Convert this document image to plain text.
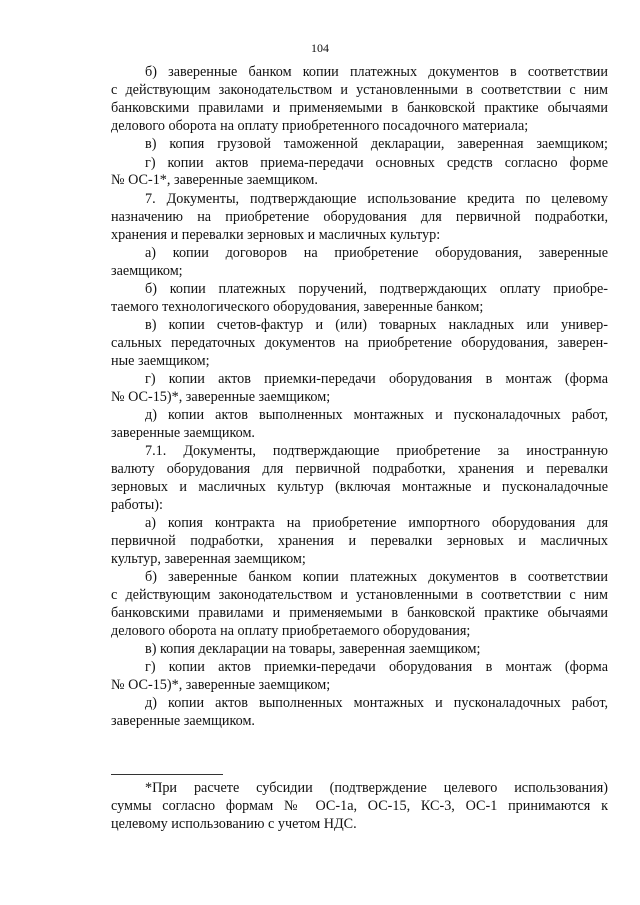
104
б) заверенные банком копии платежных документов в соответствии
с действующим законодательством и установленными в соответствии с ним
банковскими правилами и применяемыми в банковской практике обычаями
делового оборота на оплату приобретенного посадочного материала;
в) копия грузовой таможенной декларации, заверенная заемщиком;
г) копии актов приема-передачи основных средств согласно форме
№ ОС-1*, заверенные заемщиком.
7. Документы, подтверждающие использование кредита по целевому
назначению на приобретение оборудования для первичной подработки,
хранения и перевалки зерновых и масличных культур:
а) копии договоров на приобретение оборудования, заверенные
заемщиком;
б) копии платежных поручений, подтверждающих оплату приобре-
таемого технологического оборудования, заверенные банком;
в) копии счетов-фактур и (или) товарных накладных или универ-
сальных передаточных документов на приобретение оборудования, заверен-
ные заемщиком;
г) копии актов приемки-передачи оборудования в монтаж (форма
№ ОС-15)*, заверенные заемщиком;
д) копии актов выполненных монтажных и пусконаладочных работ,
заверенные заемщиком.
7.1. Документы, подтверждающие приобретение за иностранную
валюту оборудования для первичной подработки, хранения и перевалки
зерновых и масличных культур (включая монтажные и пусконаладочные
работы):
а) копия контракта на приобретение импортного оборудования для
первичной подработки, хранения и перевалки зерновых и масличных
культур, заверенная заемщиком;
б) заверенные банком копии платежных документов в соответствии
с действующим законодательством и установленными в соответствии с ним
банковскими правилами и применяемыми в банковской практике обычаями
делового оборота на оплату приобретаемого оборудования;
в) копия декларации на товары, заверенная заемщиком;
г) копии актов приемки-передачи оборудования в монтаж (форма
№ ОС-15)*, заверенные заемщиком;
д) копии актов выполненных монтажных и пусконаладочных работ,
заверенные заемщиком.
*При расчете субсидии (подтверждение целевого использования)
суммы согласно формам № ОС-1а, ОС-15, КС-3, ОС-1 принимаются к
целевому использованию с учетом НДС.
